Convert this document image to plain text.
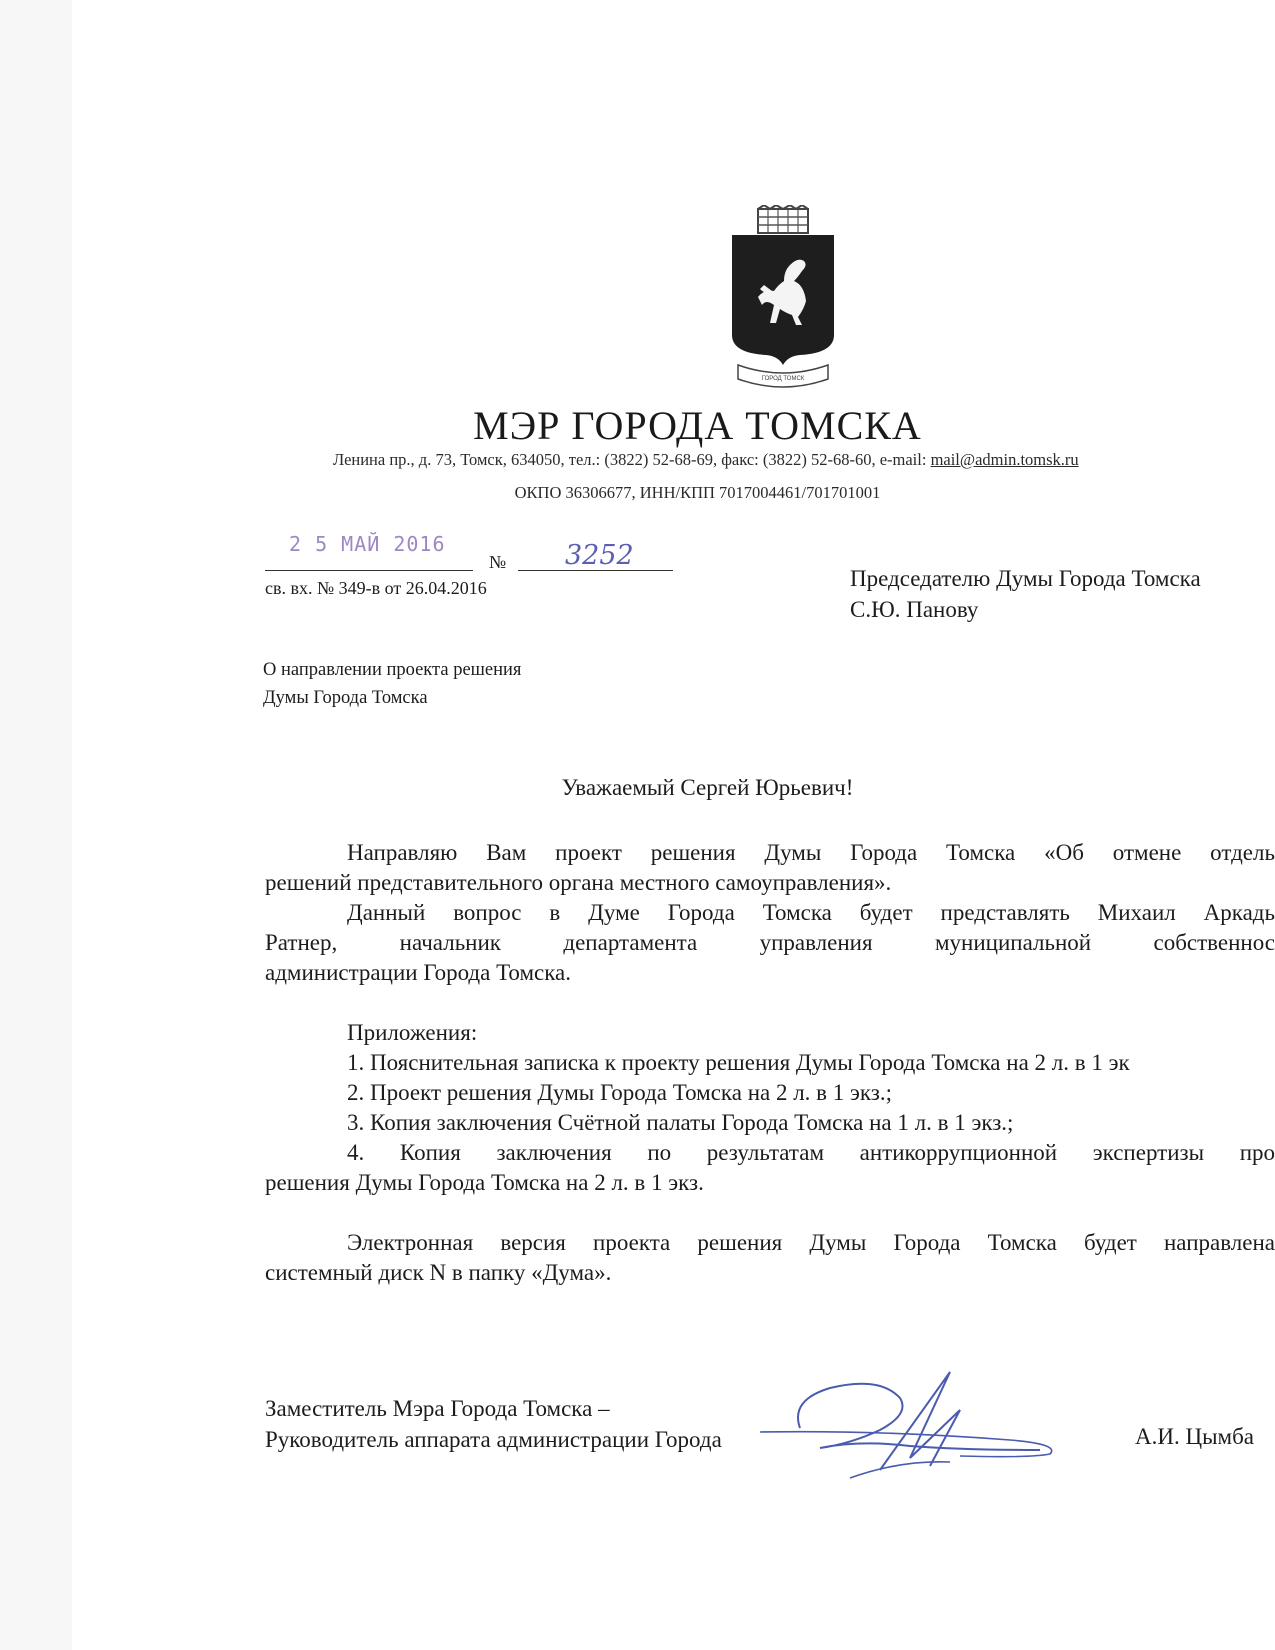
ГОРОД ТОМСК
МЭР ГОРОДА ТОМСКА
Ленина пр., д. 73, Томск, 634050, тел.: (3822) 52-68-69, факс: (3822) 52-68-60, e-mail: mail@admin.tomsk.ru
ОКПО 36306677, ИНН/КПП 7017004461/701701001
2 5 МАЙ 2016
№ 3252
св. вх. № 349-в от 26.04.2016	Председателю Думы Города Томска
С.Ю. Панову
О направлении проекта решения
Думы Города Томска
Уважаемый Сергей Юрьевич!

Направляю Вам проект решения Думы Города Томска «Об отмене отдель

решений представительного органа местного самоуправления».

Данный вопрос в Думе Города Томска будет представлять Михаил Аркадь

Ратнер, начальник департамента управления муниципальной собственнос

администрации Города Томска.

Приложения:

1. Пояснительная записка к проекту решения Думы Города Томска на 2 л. в 1 эк

2. Проект решения Думы Города Томска на 2 л. в 1 экз.;

3. Копия заключения Счётной палаты Города Томска на 1 л. в 1 экз.;

4. Копия заключения по результатам антикоррупционной экспертизы про

решения Думы Города Томска на 2 л. в 1 экз.

Электронная версия проекта решения Думы Города Томска будет направлена

системный диск N в папку «Дума».

Заместитель Мэра Города Томска –
Руководитель аппарата администрации Города	А.И. Цымба
